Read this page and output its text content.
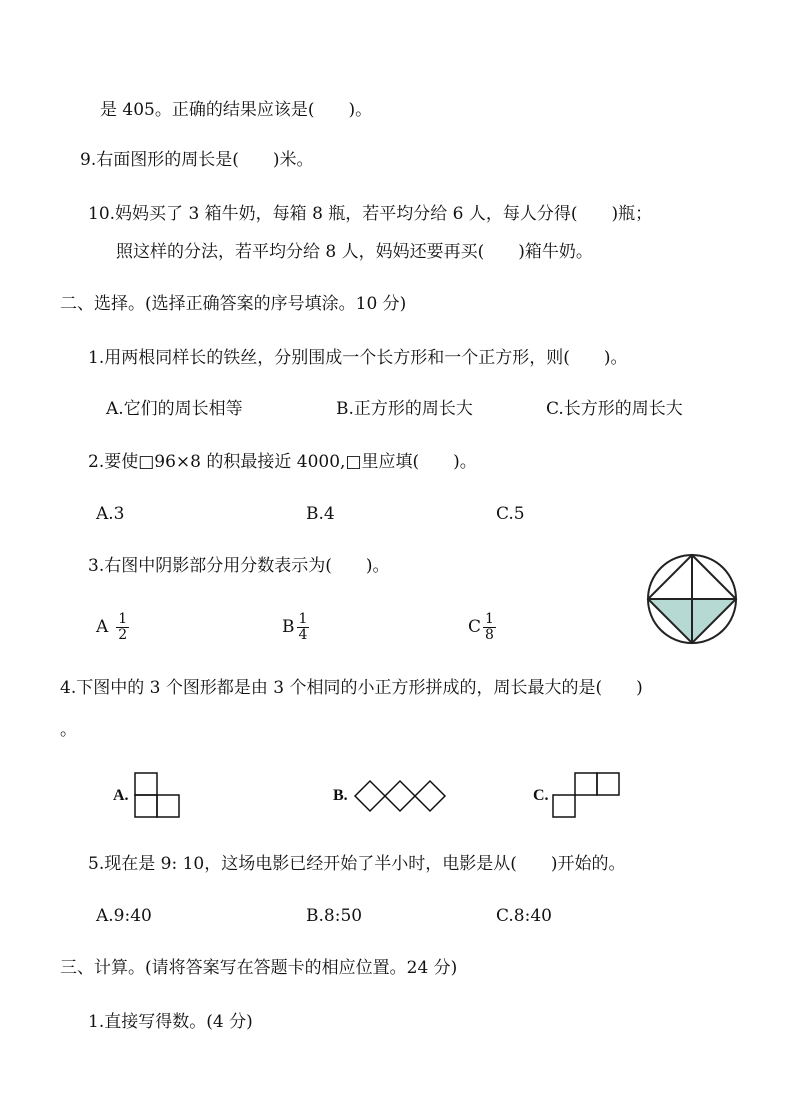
是 405。正确的结果应该是(　　)。
9.右面图形的周长是(　　)米。
10.妈妈买了 3 箱牛奶，每箱 8 瓶，若平均分给 6 人，每人分得(　　)瓶；
照这样的分法，若平均分给 8 人，妈妈还要再买(　　)箱牛奶。
二、选择。(选择正确答案的序号填涂。10 分)
1.用两根同样长的铁丝，分别围成一个长方形和一个正方形，则(　　)。
A.它们的周长相等	B.正方形的周长大	C.长方形的周长大
2.要使□96×8 的积最接近 4000,□里应填(　　)。
A.3	B.4	C.5
3.右图中阴影部分用分数表示为(　　)。
A $\frac{1}{2}$	B $\frac{1}{4}$	C $\frac{1}{8}$
4.下图中的 3 个图形都是由 3 个相同的小正方形拼成的，周长最大的是(　　)
。
A.	B.	C.
5.现在是 9: 10，这场电影已经开始了半小时，电影是从(　　)开始的。
A.9:40	B.8:50	C.8:40
三、计算。(请将答案写在答题卡的相应位置。24 分)
1.直接写得数。(4 分)
